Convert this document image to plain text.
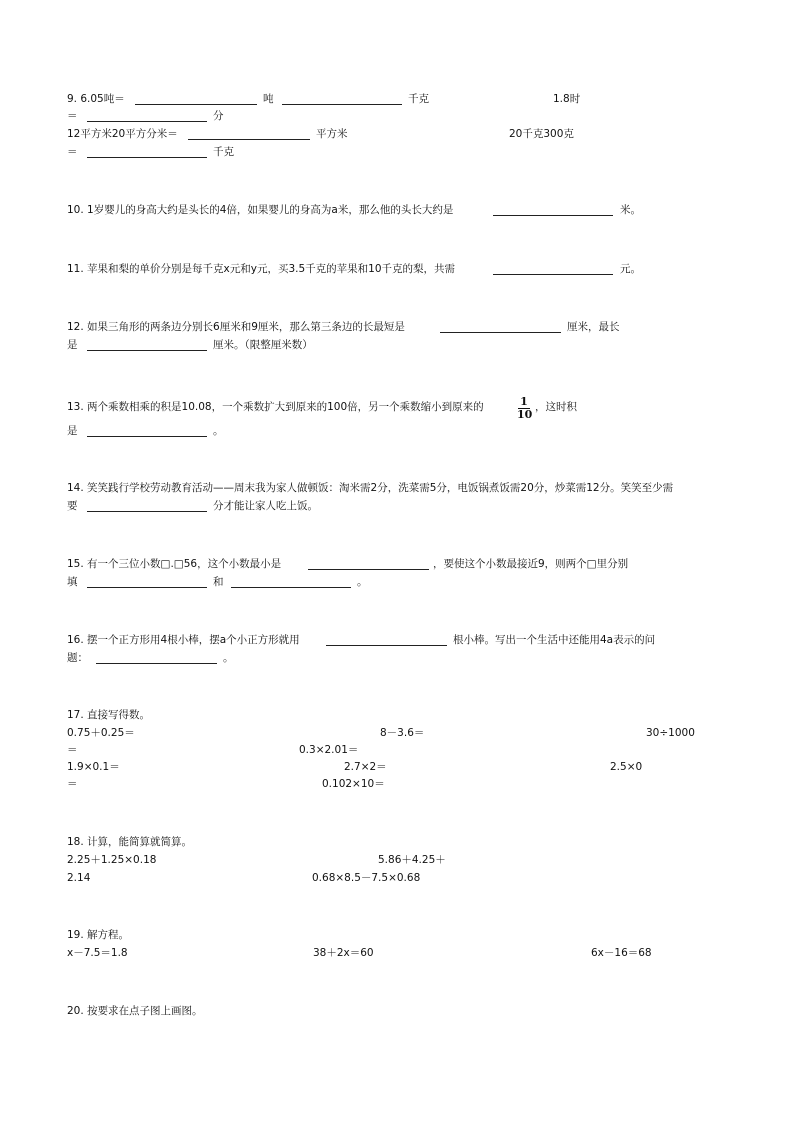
9. 6.05吨＝	吨	千克	1.8时
＝	分
12平方米20平方分米＝	平方米	20千克300克
＝	千克
10. 1岁婴儿的身高大约是头长的4倍，如果婴儿的身高为a米，那么他的头长大约是	米。
11. 苹果和梨的单价分别是每千克x元和y元，买3.5千克的苹果和10千克的梨，共需	元。
12. 如果三角形的两条边分别长6厘米和9厘米，那么第三条边的长最短是	厘米，最长
是	厘米。（限整厘米数）
13. 两个乘数相乘的积是10.08，一个乘数扩大到原来的100倍，另一个乘数缩小到原来的	1
10
，这时积
是	。
14. 笑笑践行学校劳动教育活动——周末我为家人做顿饭：淘米需2分，洗菜需5分，电饭锅煮饭需20分，炒菜需12分。笑笑至少需
要	分才能让家人吃上饭。
15. 有一个三位小数□.□56，这个小数最小是	，要使这个小数最接近9，则两个□里分别
填	和	。
16. 摆一个正方形用4根小棒，摆a个小正方形就用	根小棒。写出一个生活中还能用4a表示的问
题：	。
17. 直接写得数。
0.75＋0.25＝	8－3.6＝	30÷1000
＝	0.3×2.01＝
1.9×0.1＝	2.7×2＝	2.5×0
＝	0.102×10＝
18. 计算，能简算就简算。
2.25＋1.25×0.18	5.86＋4.25＋
2.14	0.68×8.5－7.5×0.68
19. 解方程。
x－7.5＝1.8	38＋2x＝60	6x－16＝68
20. 按要求在点子图上画图。
